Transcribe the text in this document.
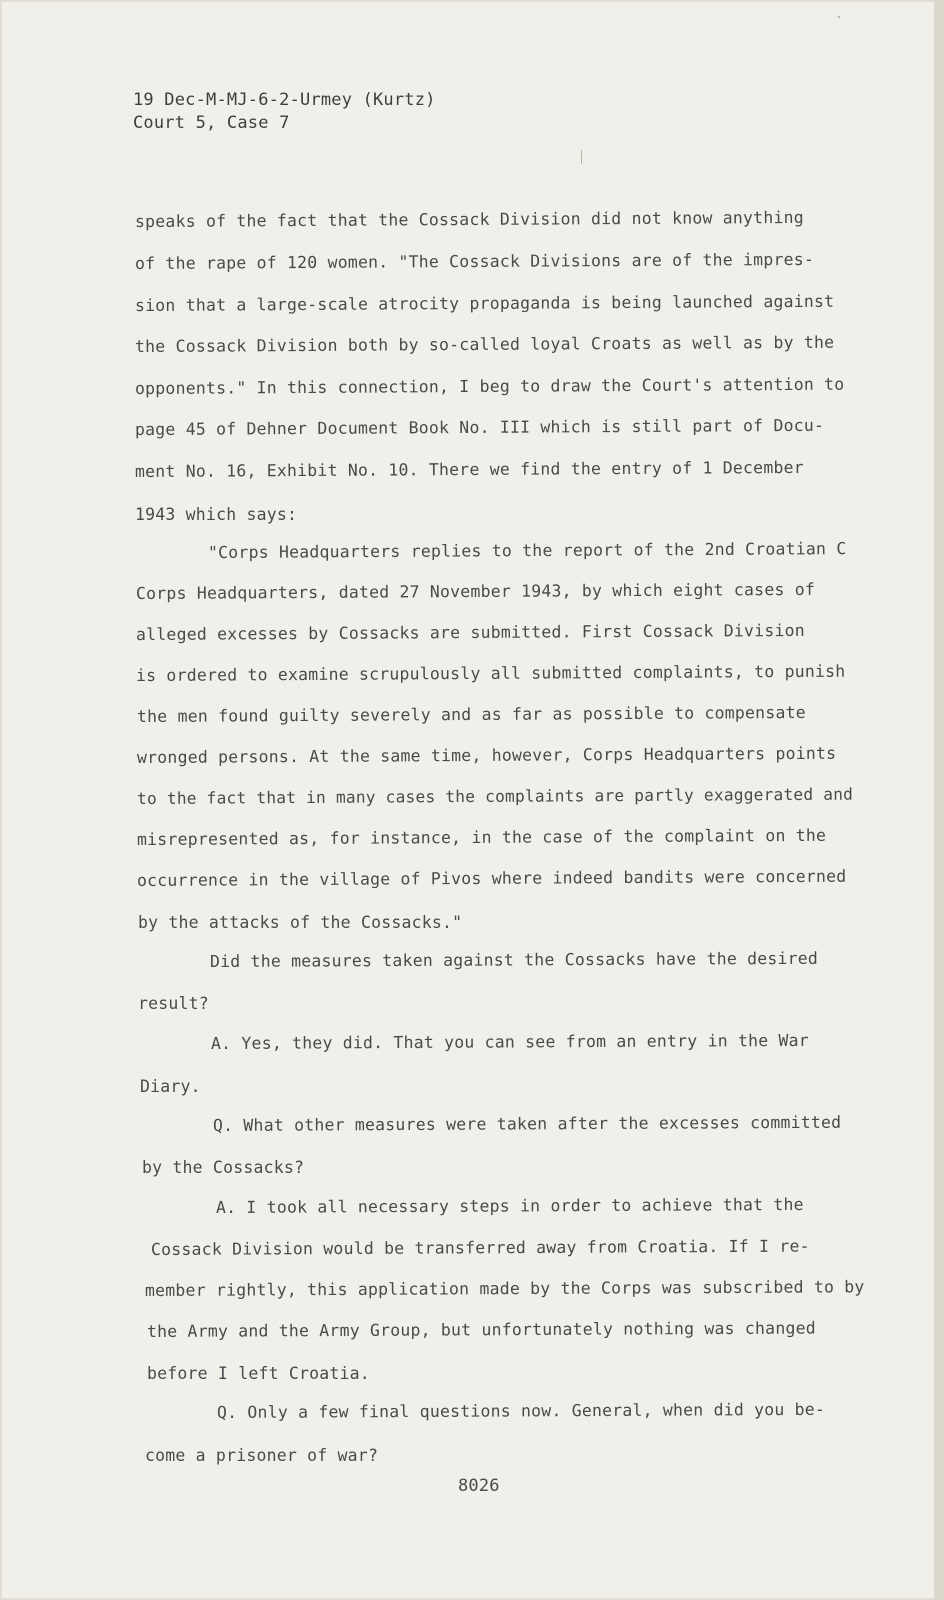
19 Dec-M-MJ-6-2-Urmey (Kurtz)
Court 5, Case 7
speaks of the fact that the Cossack Division did not know anything
of the rape of 120 women. "The Cossack Divisions are of the impres-
sion that a large-scale atrocity propaganda is being launched against
the Cossack Division both by so-called loyal Croats as well as by the
opponents." In this connection, I beg to draw the Court's attention to
page 45 of Dehner Document Book No. III which is still part of Docu-
ment No. 16, Exhibit No. 10. There we find the entry of 1 December
1943 which says:
"Corps Headquarters replies to the report of the 2nd Croatian C
Corps Headquarters, dated 27 November 1943, by which eight cases of
alleged excesses by Cossacks are submitted. First Cossack Division
is ordered to examine scrupulously all submitted complaints, to punish
the men found guilty severely and as far as possible to compensate
wronged persons. At the same time, however, Corps Headquarters points
to the fact that in many cases the complaints are partly exaggerated and
misrepresented as, for instance, in the case of the complaint on the
occurrence in the village of Pivos where indeed bandits were concerned
by the attacks of the Cossacks."
Did the measures taken against the Cossacks have the desired
result?
A. Yes, they did. That you can see from an entry in the War
Diary.
Q. What other measures were taken after the excesses committed
by the Cossacks?
A. I took all necessary steps in order to achieve that the
Cossack Division would be transferred away from Croatia. If I re-
member rightly, this application made by the Corps was subscribed to by
the Army and the Army Group, but unfortunately nothing was changed
before I left Croatia.
Q. Only a few final questions now. General, when did you be-
come a prisoner of war?
8026
